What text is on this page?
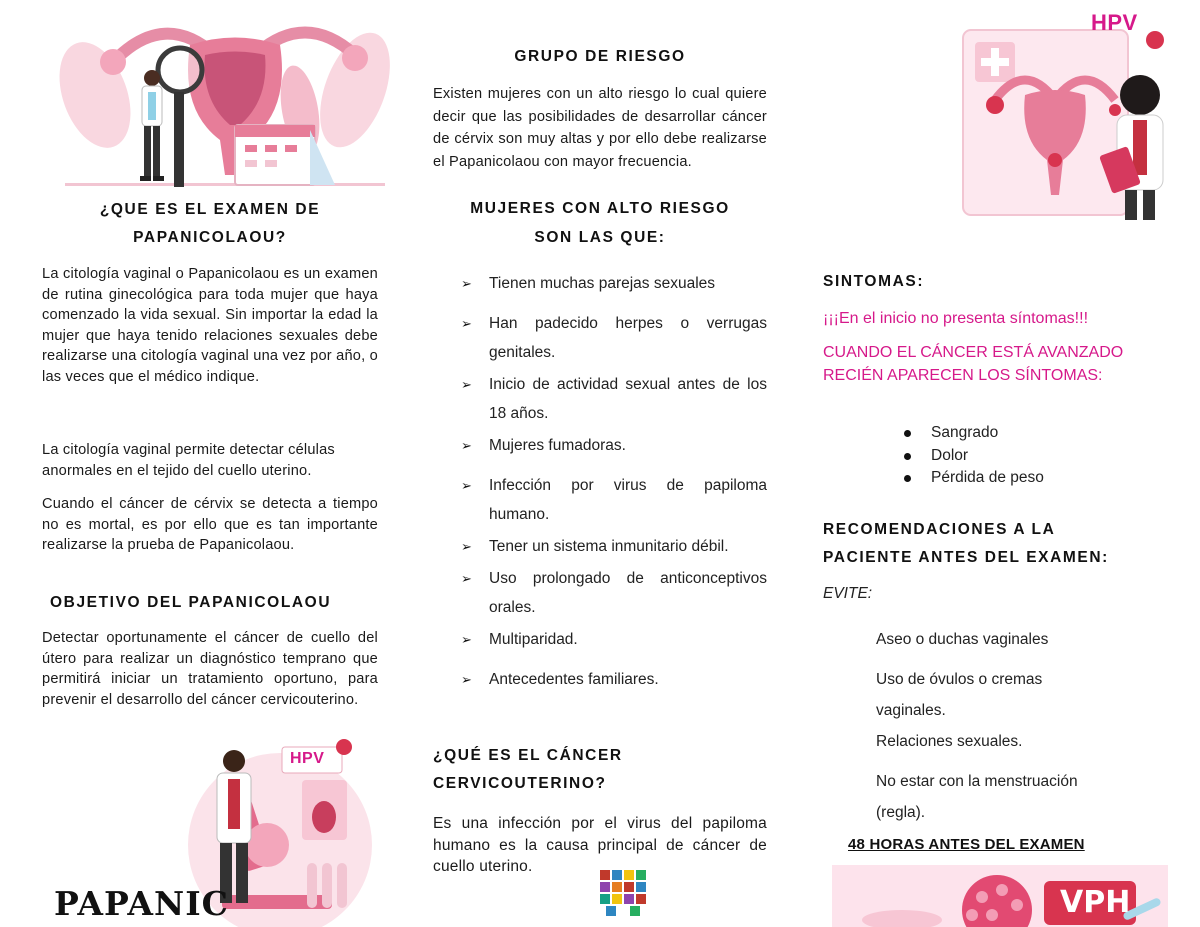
¿QUE ES EL EXAMEN DE PAPANICOLAOU?

La citología vaginal o Papanicolaou es un examen de rutina ginecológica para toda mujer que haya comenzado la vida sexual. Sin importar la edad la mujer que haya tenido relaciones sexuales debe realizarse una citología vaginal una vez por año, o las veces que el médico indique.

La citología vaginal permite detectar células anormales en el tejido del cuello uterino.

Cuando el cáncer de cérvix se detecta a tiempo no es mortal, es por ello que es tan importante realizarse la prueba de Papanicolaou.

OBJETIVO DEL PAPANICOLAOU

Detectar oportunamente el cáncer de cuello del útero para realizar un diagnóstico temprano que permitirá iniciar un tratamiento oportuno, para prevenir el desarrollo del cáncer cervicouterino.

HPV
PAPANIC
GRUPO DE RIESGO

Existen mujeres con un alto riesgo lo cual quiere decir que las posibilidades de desarrollar cáncer de cérvix son muy altas y por ello debe realizarse el Papanicolaou con mayor frecuencia.

MUJERES CON ALTO RIESGO
SON LAS QUE:
➢ Tienen muchas parejas sexuales
➢ Han padecido herpes o verrugas genitales.
➢ Inicio de actividad sexual antes de los 18 años.
➢ Mujeres fumadoras.
➢ Infección por virus de papiloma humano.
➢ Tener un sistema inmunitario débil.
➢ Uso prolongado de anticonceptivos orales.
➢ Multiparidad.
➢ Antecedentes familiares.
¿QUÉ ES EL CÁNCER
CERVICOUTERINO?

Es una infección por el virus del papiloma humano es la causa principal de cáncer de cuello uterino.

HPV
SINTOMAS:
¡¡¡En el inicio no presenta síntomas!!!
CUANDO EL CÁNCER ESTÁ AVANZADO RECIÉN APARECEN LOS SÍNTOMAS:
Sangrado
Dolor
Pérdida de peso
RECOMENDACIONES A LA
PACIENTE ANTES DEL EXAMEN:
EVITE:

Aseo o duchas vaginales

Uso de óvulos o cremas vaginales.

Relaciones sexuales.

No estar con la menstruación (regla).

48 HORAS ANTES DEL EXAMEN
VPH
